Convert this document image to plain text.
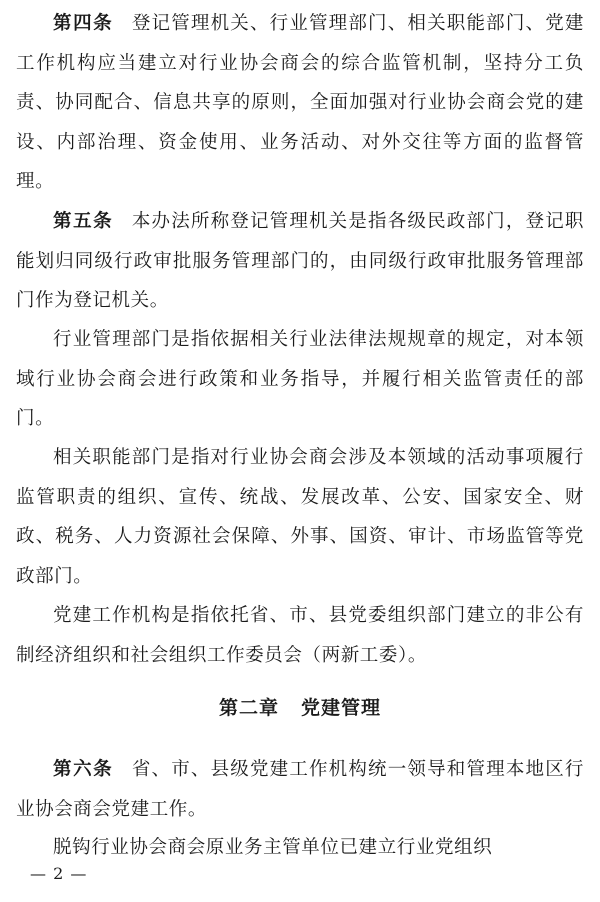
第四条 登记管理机关、行业管理部门、相关职能部门、党建工作机构应当建立对行业协会商会的综合监管机制，坚持分工负责、协同配合、信息共享的原则，全面加强对行业协会商会党的建设、内部治理、资金使用、业务活动、对外交往等方面的监督管理。

第五条 本办法所称登记管理机关是指各级民政部门，登记职能划归同级行政审批服务管理部门的，由同级行政审批服务管理部门作为登记机关。

行业管理部门是指依据相关行业法律法规规章的规定，对本领域行业协会商会进行政策和业务指导，并履行相关监管责任的部门。

相关职能部门是指对行业协会商会涉及本领域的活动事项履行监管职责的组织、宣传、统战、发展改革、公安、国家安全、财政、税务、人力资源社会保障、外事、国资、审计、市场监管等党政部门。

党建工作机构是指依托省、市、县党委组织部门建立的非公有制经济组织和社会组织工作委员会（两新工委）。

第二章 党建管理

第六条 省、市、县级党建工作机构统一领导和管理本地区行业协会商会党建工作。

脱钩行业协会商会原业务主管单位已建立行业党组织

— 2 —
